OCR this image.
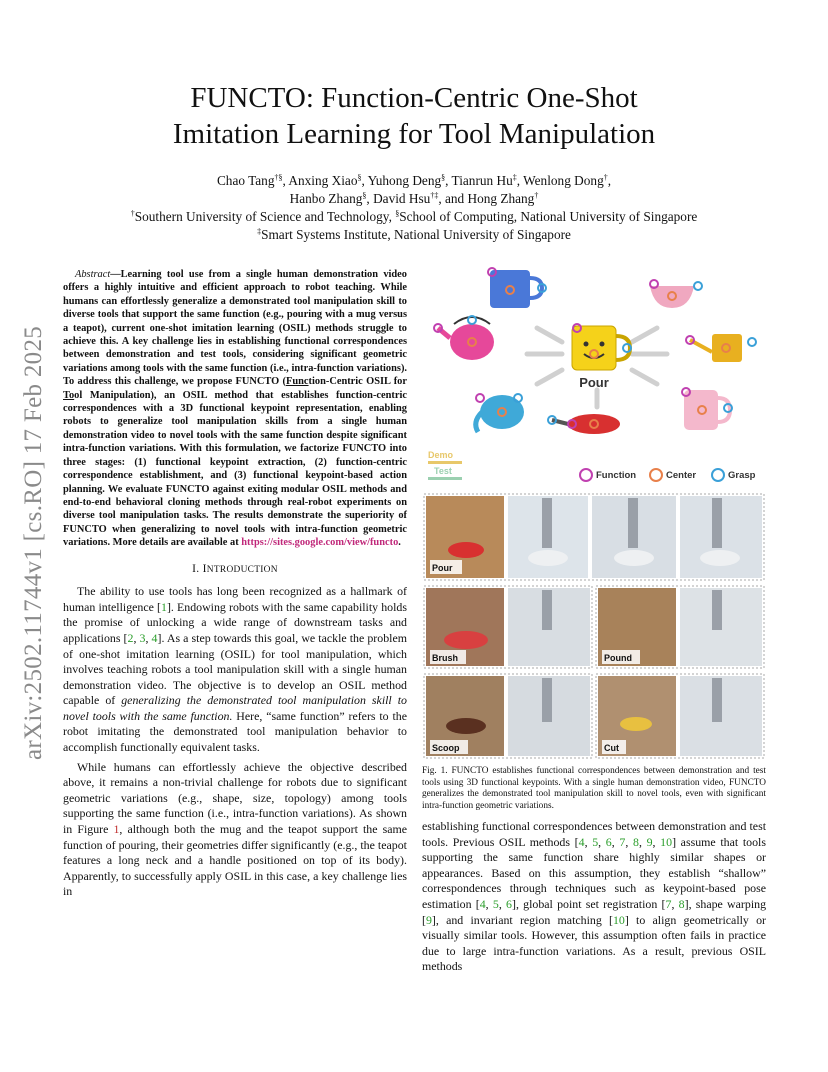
arXiv:2502.11744v1 [cs.RO] 17 Feb 2025
FUNCTO: Function-Centric One-Shot
Imitation Learning for Tool Manipulation
Chao Tang†§, Anxing Xiao§, Yuhong Deng§, Tianrun Hu‡, Wenlong Dong†,
Hanbo Zhang§, David Hsu†‡, and Hong Zhang†
†Southern University of Science and Technology, §School of Computing, National University of Singapore
‡Smart Systems Institute, National University of Singapore

Abstract—Learning tool use from a single human demonstration video offers a highly intuitive and efficient approach to robot teaching. While humans can effortlessly generalize a demonstrated tool manipulation skill to diverse tools that support the same function (e.g., pouring with a mug versus a teapot), current one-shot imitation learning (OSIL) methods struggle to achieve this. A key challenge lies in establishing functional correspondences between demonstration and test tools, considering significant geometric variations among tools with the same function (i.e., intra-function variations). To address this challenge, we propose FUNCTO (Function-Centric OSIL for Tool Manipulation), an OSIL method that establishes function-centric correspondences with a 3D functional keypoint representation, enabling robots to generalize tool manipulation skills from a single human demonstration video to novel tools with the same function despite significant intra-function variations. With this formulation, we factorize FUNCTO into three stages: (1) functional keypoint extraction, (2) function-centric correspondence establishment, and (3) functional keypoint-based action planning. We evaluate FUNCTO against exiting modular OSIL methods and end-to-end behavioral cloning methods through real-robot experiments on diverse tool manipulation tasks. The results demonstrate the superiority of FUNCTO when generalizing to novel tools with intra-function geometric variations. More details are available at https://sites.google.com/view/functo.

I. INTRODUCTION

The ability to use tools has long been recognized as a hallmark of human intelligence [1]. Endowing robots with the same capability holds the promise of unlocking a wide range of downstream tasks and applications [2, 3, 4]. As a step towards this goal, we tackle the problem of one-shot imitation learning (OSIL) for tool manipulation, which involves teaching robots a tool manipulation skill with a single human demonstration video. The objective is to develop an OSIL method capable of generalizing the demonstrated tool manipulation skill to novel tools with the same function. Here, “same function” refers to the robot imitating the demonstrated tool manipulation behavior to accomplish functionally equivalent tasks.

While humans can effortlessly achieve the objective described above, it remains a non-trivial challenge for robots due to significant geometric variations (e.g., shape, size, topology) among tools supporting the same function (i.e., intra-function variations). As shown in Figure 1, although both the mug and the teapot support the same function of pouring, their geometries differ significantly (e.g., the teapot features a long neck and a handle positioned on top of its body). Apparently, to successfully apply OSIL in this case, a key challenge lies in

Pour
Demo
Test	Function	Center	Grasp
Pour
Brush	Pound
Scoop	Cut
Fig. 1. FUNCTO establishes functional correspondences between demonstration and test tools using 3D functional keypoints. With a single human demonstration video, FUNCTO generalizes the demonstrated tool manipulation skill to novel tools, even with significant intra-function geometric variations.

establishing functional correspondences between demonstration and test tools. Previous OSIL methods [4, 5, 6, 7, 8, 9, 10] assume that tools supporting the same function share highly similar shapes or appearances. Based on this assumption, they establish “shallow” correspondences through techniques such as keypoint-based pose estimation [4, 5, 6], global point set registration [7, 8], shape warping [9], and invariant region matching [10] to align geometrically or visually similar tools. However, this assumption often fails in practice due to large intra-function variations. As a result, previous OSIL methods
